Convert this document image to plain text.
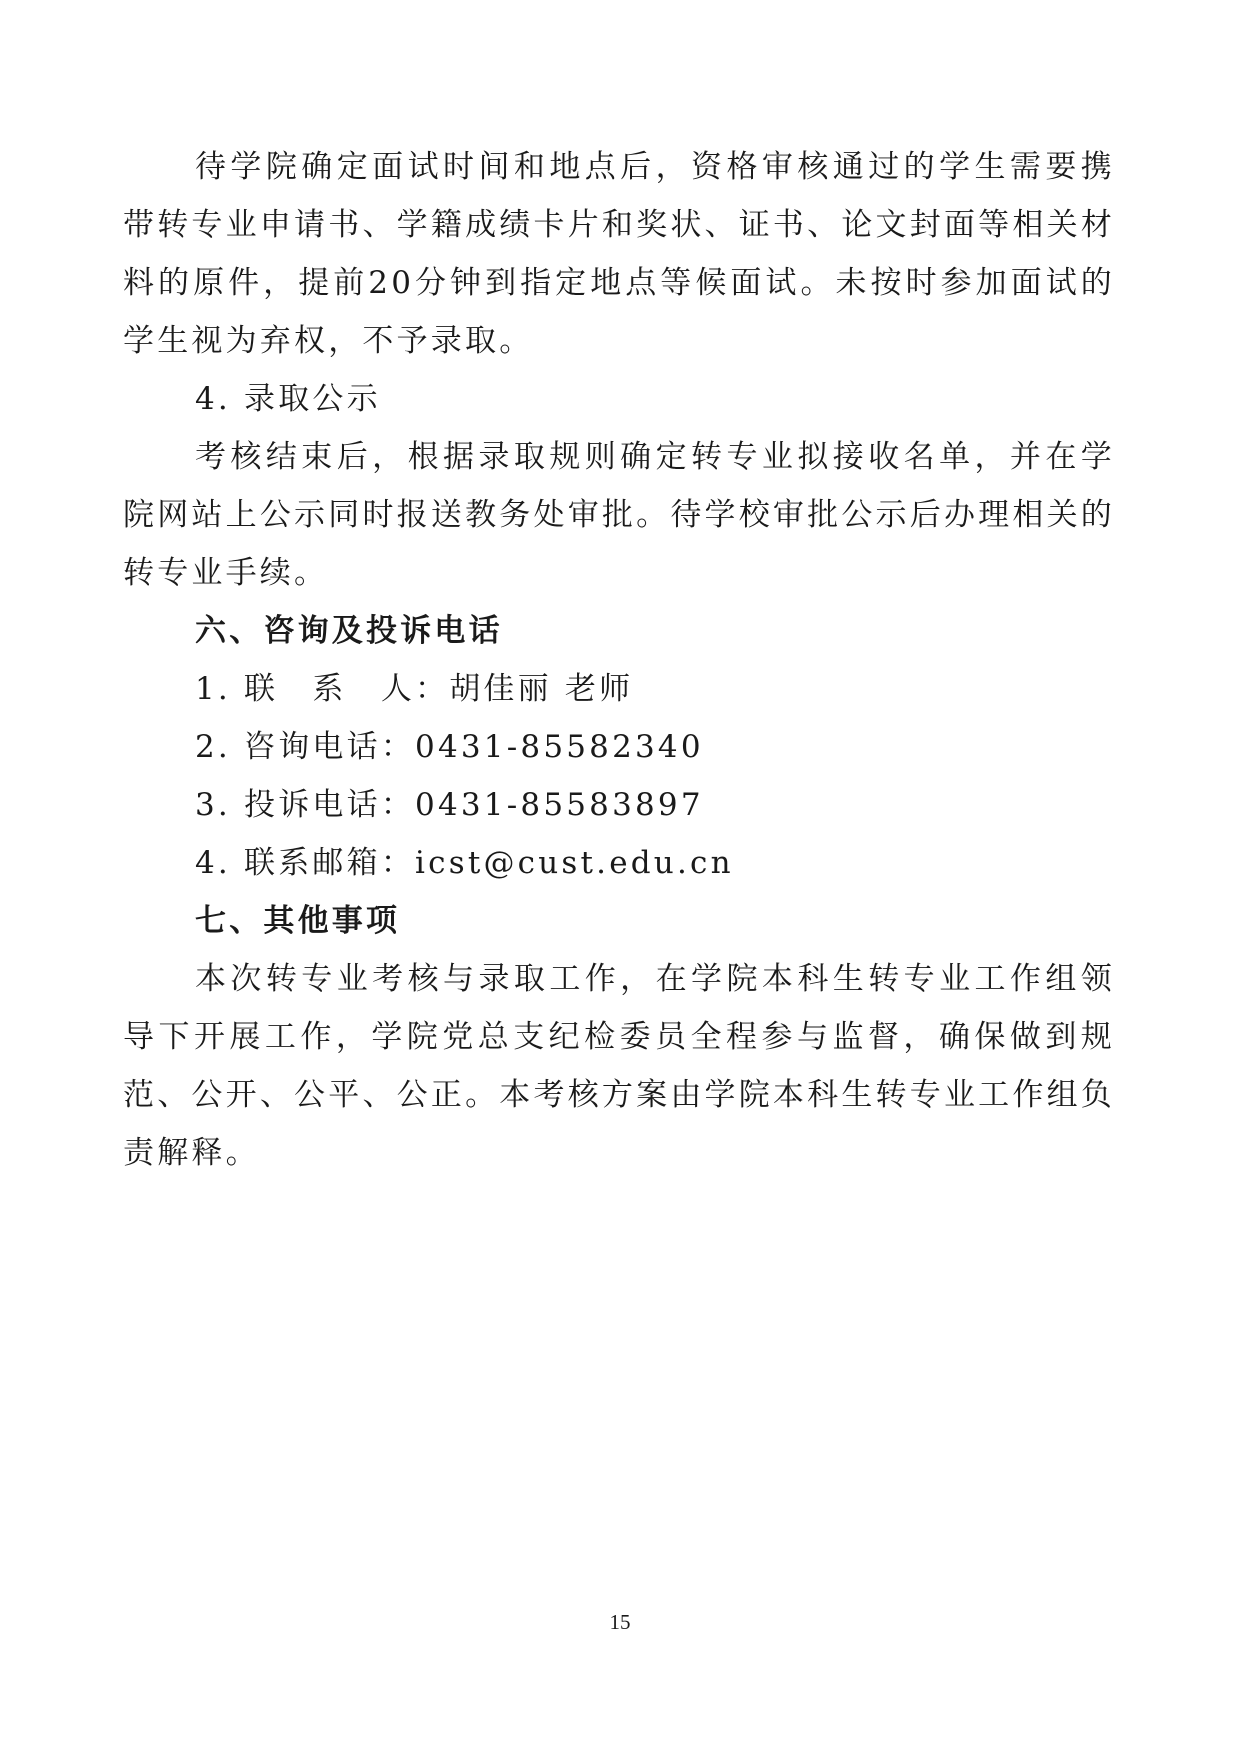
待学院确定面试时间和地点后，资格审核通过的学生需要携带转专业申请书、学籍成绩卡片和奖状、证书、论文封面等相关材料的原件，提前20分钟到指定地点等候面试。未按时参加面试的学生视为弃权，不予录取。

4. 录取公示

考核结束后，根据录取规则确定转专业拟接收名单，并在学院网站上公示同时报送教务处审批。待学校审批公示后办理相关的转专业手续。

六、咨询及投诉电话

1. 联　系　人：胡佳丽 老师

2. 咨询电话：0431-85582340

3. 投诉电话：0431-85583897

4. 联系邮箱：icst@cust.edu.cn

七、其他事项

本次转专业考核与录取工作，在学院本科生转专业工作组领导下开展工作，学院党总支纪检委员全程参与监督，确保做到规范、公开、公平、公正。本考核方案由学院本科生转专业工作组负责解释。

15
